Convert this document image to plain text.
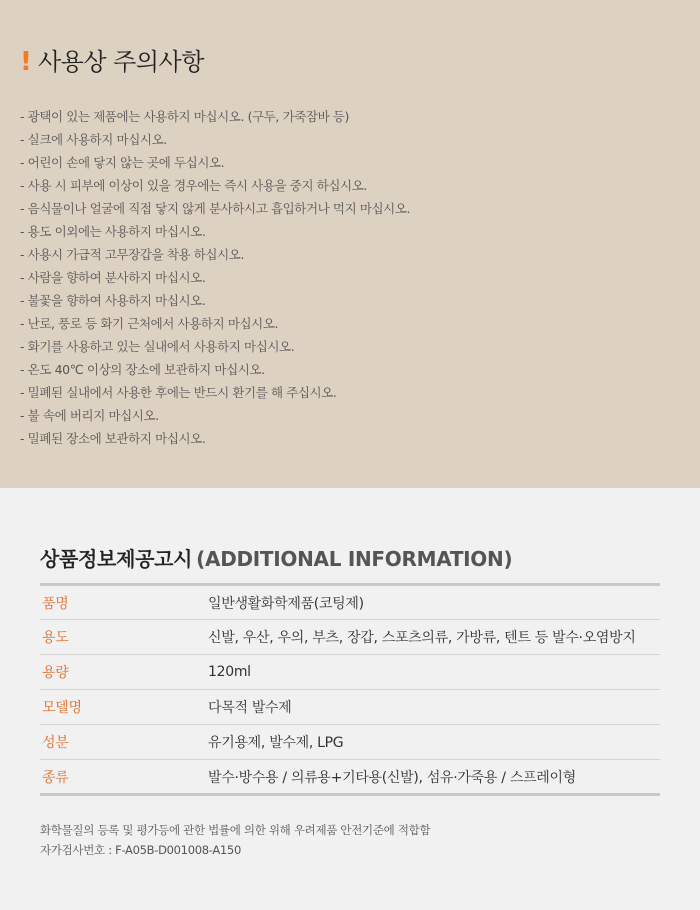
! 사용상 주의사항
- 광택이 있는 제품에는 사용하지 마십시오. (구두, 가죽잠바 등)
- 실크에 사용하지 마십시오.
- 어린이 손에 닿지 않는 곳에 두십시오.
- 사용 시 피부에 이상이 있을 경우에는 즉시 사용을 중지 하십시오.
- 음식물이나 얼굴에 직접 닿지 않게 분사하시고 흡입하거나 먹지 마십시오.
- 용도 이외에는 사용하지 마십시오.
- 사용시 가급적 고무장갑을 착용 하십시오.
- 사람을 향하여 분사하지 마십시오.
- 불꽃을 향하여 사용하지 마십시오.
- 난로, 풍로 등 화기 근처에서 사용하지 마십시오.
- 화기를 사용하고 있는 실내에서 사용하지 마십시오.
- 온도 40℃ 이상의 장소에 보관하지 마십시오.
- 밀폐된 실내에서 사용한 후에는 반드시 환기를 해 주십시오.
- 불 속에 버리지 마십시오.
- 밀폐된 장소에 보관하지 마십시오.
상품정보제공고시 (ADDITIONAL INFORMATION)
품명	일반생활화학제품(코팅제)
용도	신발, 우산, 우의, 부츠, 장갑, 스포츠의류, 가방류, 텐트 등 발수·오염방지
용량	120ml
모델명	다목적 발수제
성분	유기용제, 발수제, LPG
종류	발수·방수용 / 의류용+기타용(신발), 섬유·가죽용 / 스프레이형

화학물질의 등록 및 평가등에 관한 법률에 의한 위해 우려제품 안전기준에 적합함

자가검사번호 : F-A05B-D001008-A150
